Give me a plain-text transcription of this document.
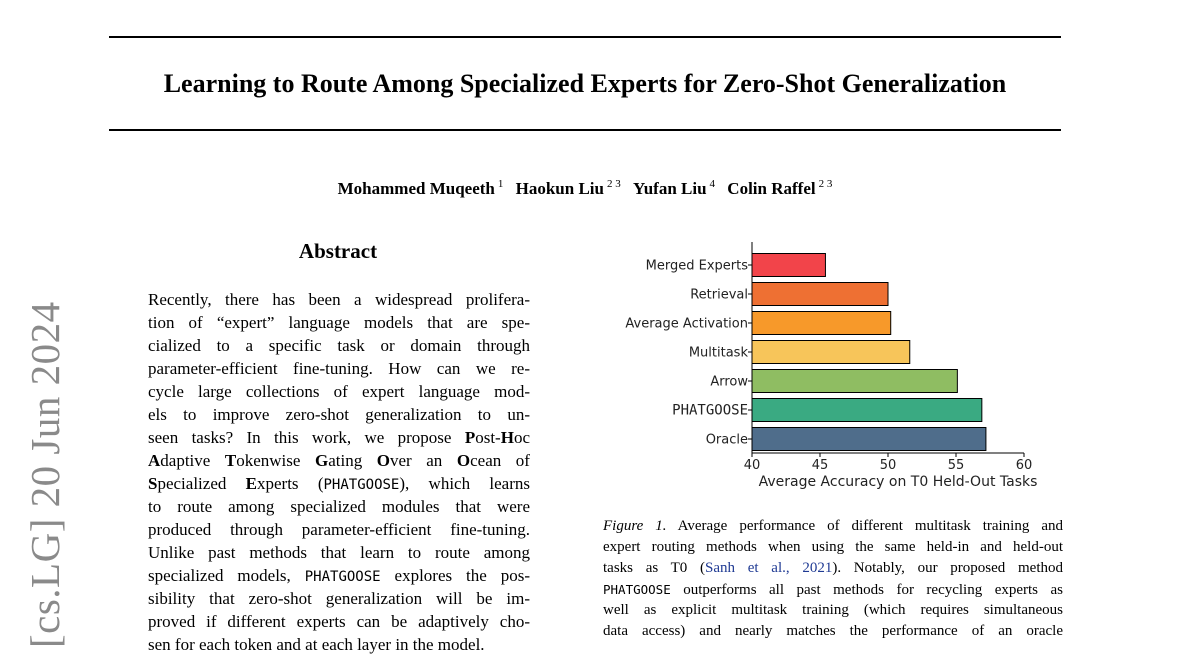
Learning to Route Among Specialized Experts for Zero-Shot Generalization
Mohammed Muqeeth $^1$ Haokun Liu $^{2 3}$ Yufan Liu $^4$ Colin Raffel $^{2 3}$
[cs.LG] 20 Jun 2024
Abstract
Recently, there has been a widespread prolifera-
tion of “expert” language models that are spe-
cialized to a specific task or domain through
parameter-efficient fine-tuning. How can we re-
cycle large collections of expert language mod-
els to improve zero-shot generalization to un-
seen tasks? In this work, we propose Post-Hoc
Adaptive Tokenwise Gating Over an Ocean of
Specialized Experts (PHATGOOSE), which learns
to route among specialized modules that were
produced through parameter-efficient fine-tuning.
Unlike past methods that learn to route among
specialized models, PHATGOOSE explores the pos-
sibility that zero-shot generalization will be im-
proved if different experts can be adaptively cho-
sen for each token and at each layer in the model.
Merged Experts
Retrieval
Average Activation
Multitask
Arrow
PHATGOOSE
Oracle
40	45	50	55	60
Average Accuracy on T0 Held-Out Tasks
Figure 1. Average performance of different multitask training and
expert routing methods when using the same held-in and held-out
tasks as T0 (Sanh et al., 2021). Notably, our proposed method
PHATGOOSE outperforms all past methods for recycling experts as
well as explicit multitask training (which requires simultaneous
data access) and nearly matches the performance of an oracle
